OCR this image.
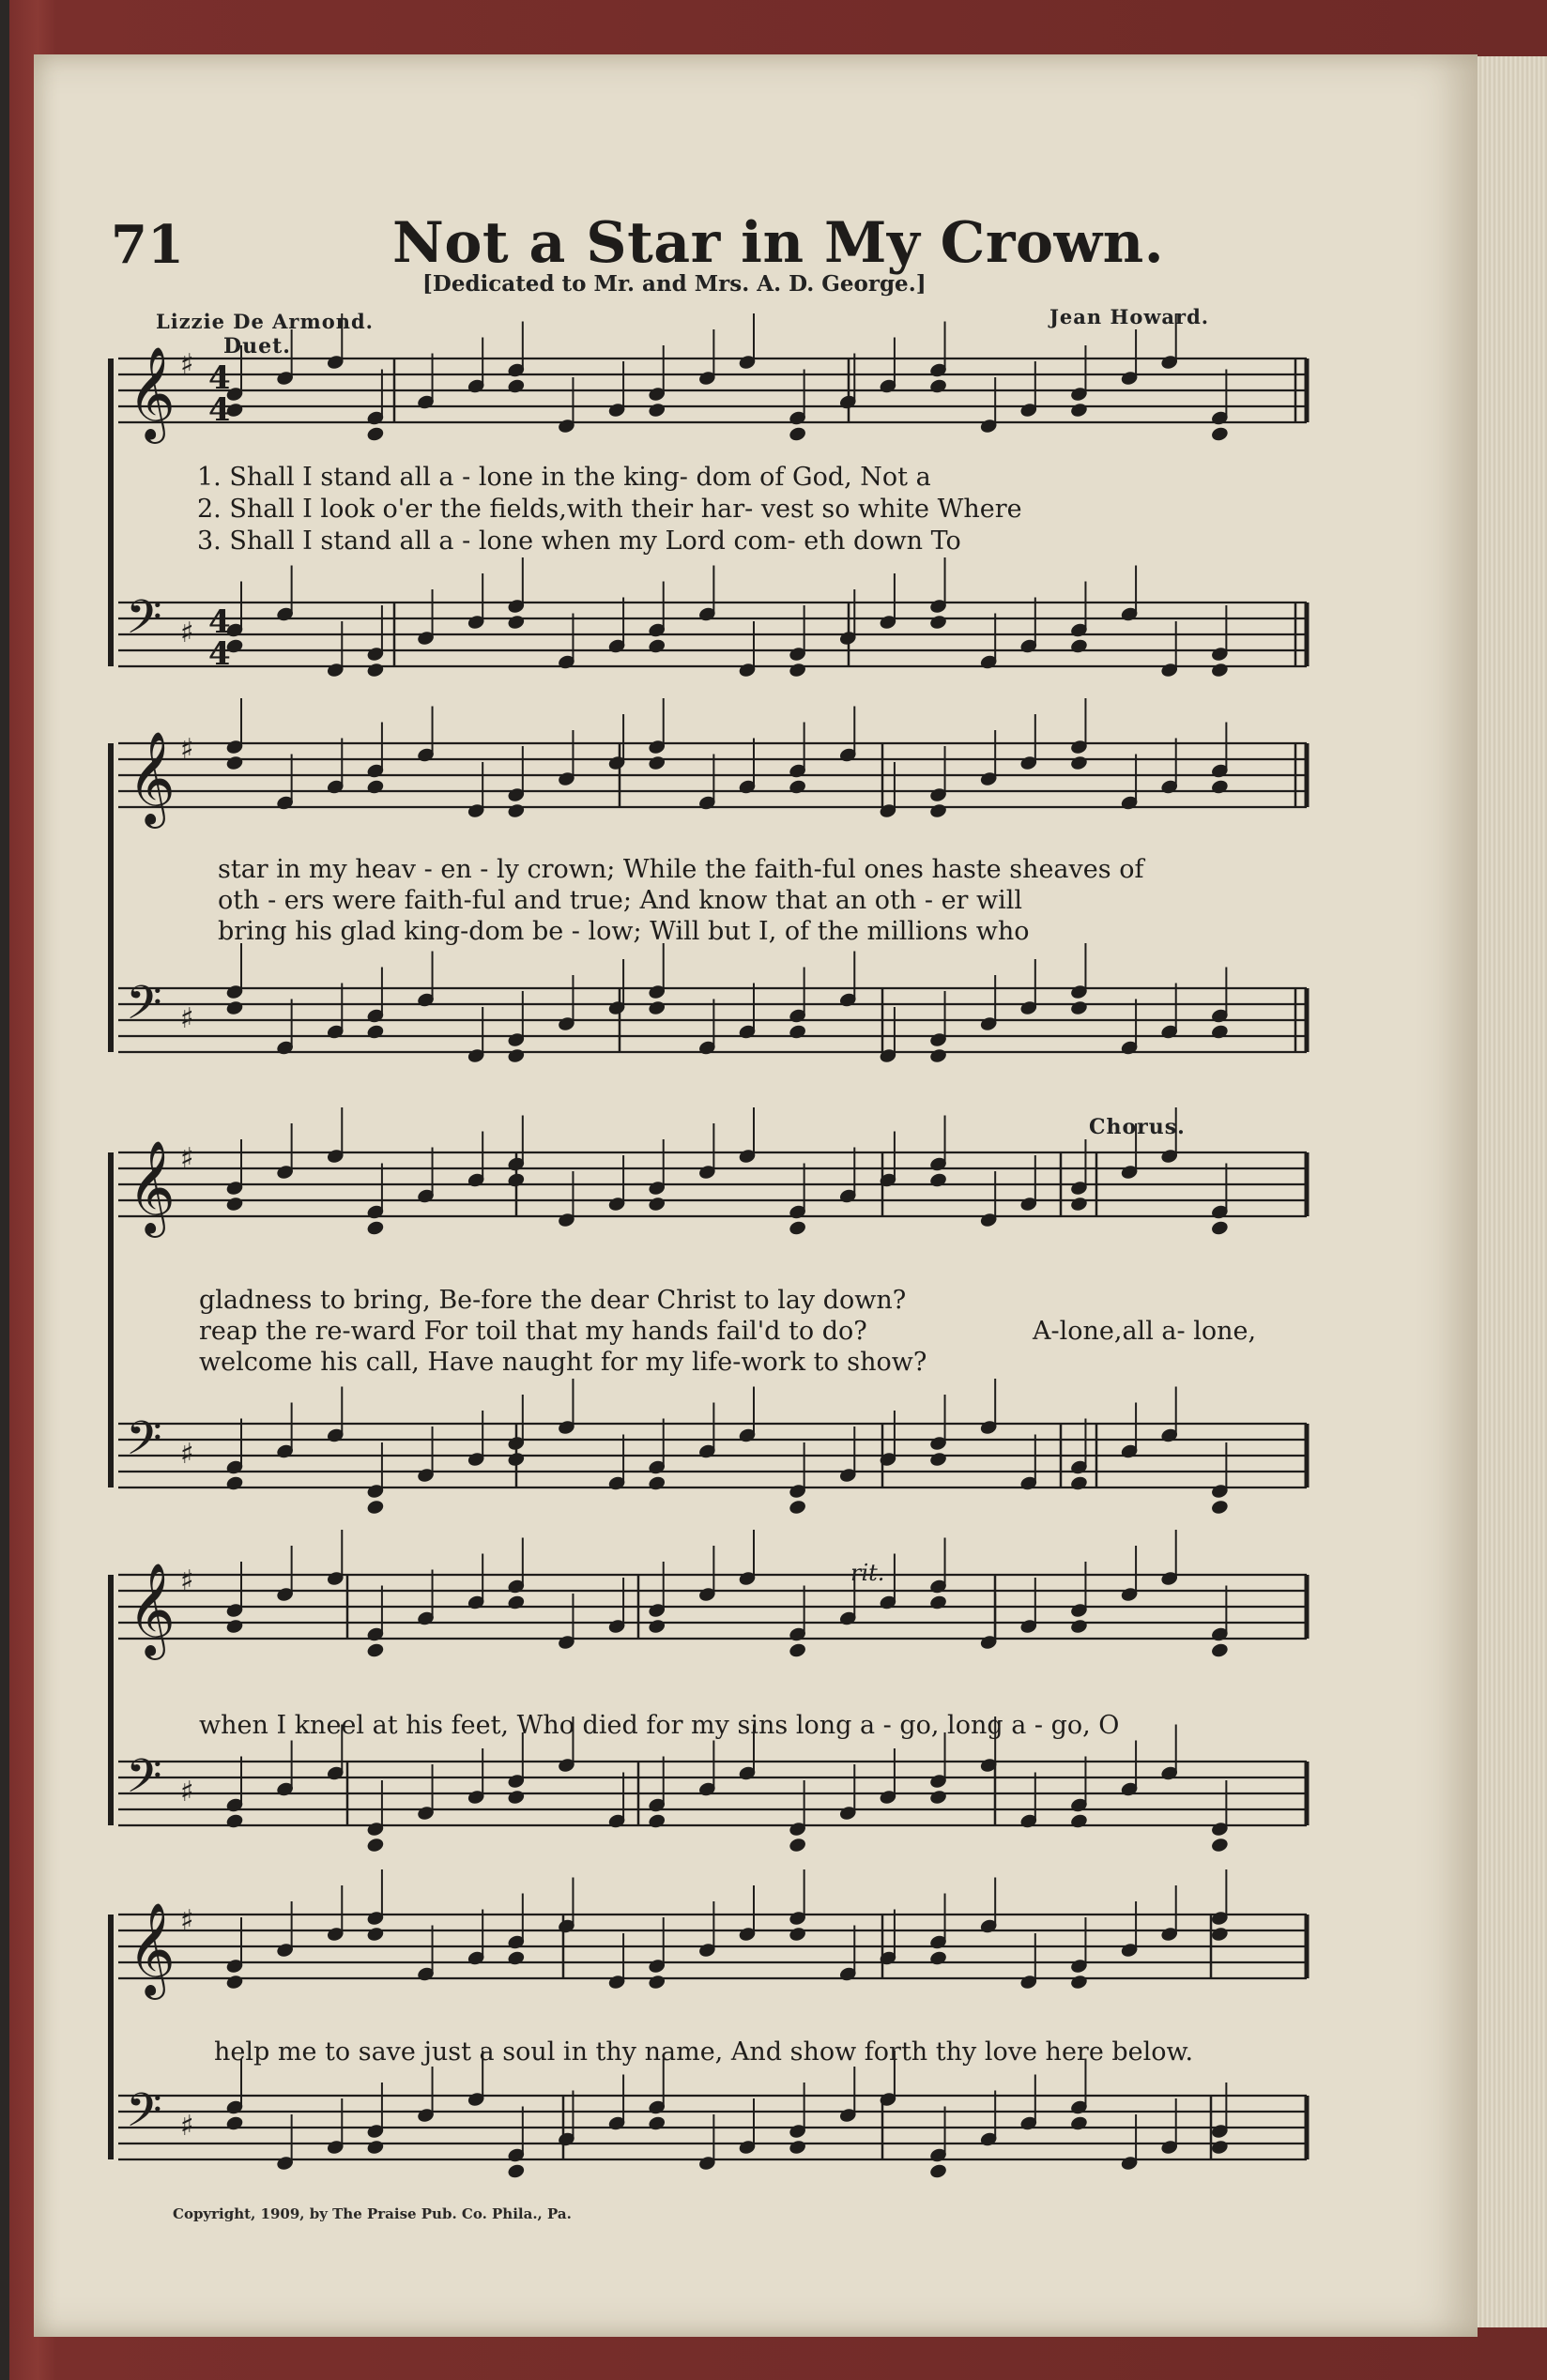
𝄞 ♯
𝄢 ♯
𝄞 ♯
𝄢 ♯
𝄞 ♯
𝄢 ♯
𝄞 ♯
𝄢 ♯
𝄞 ♯
𝄢 ♯
4
4
4
4
71	Not a Star in My Crown.
[Dedicated to Mr. and Mrs. A. D. George.]
Lizzie De Armond.	Jean Howard.
Duet.
Chorus.
rit.
1. Shall I stand all a - lone in the king- dom of God, Not a
2. Shall I look o'er the fields,with their har- vest so white Where
3. Shall I stand all a - lone when my Lord com- eth down To
star in my heav - en - ly crown; While the faith-ful ones haste sheaves of
oth - ers were faith-ful and true; And know that an oth - er will
bring his glad king-dom be - low; Will but I, of the millions who
gladness to bring, Be-fore the dear Christ to lay down?
reap the re-ward For toil that my hands fail'd to do?
welcome his call, Have naught for my life-work to show?
A-lone,all a- lone,
when I kneel at his feet, Who died for my sins long a - go, long a - go, O
help me to save just a soul in thy name, And show forth thy love here below.
Copyright, 1909, by The Praise Pub. Co. Phila., Pa.
